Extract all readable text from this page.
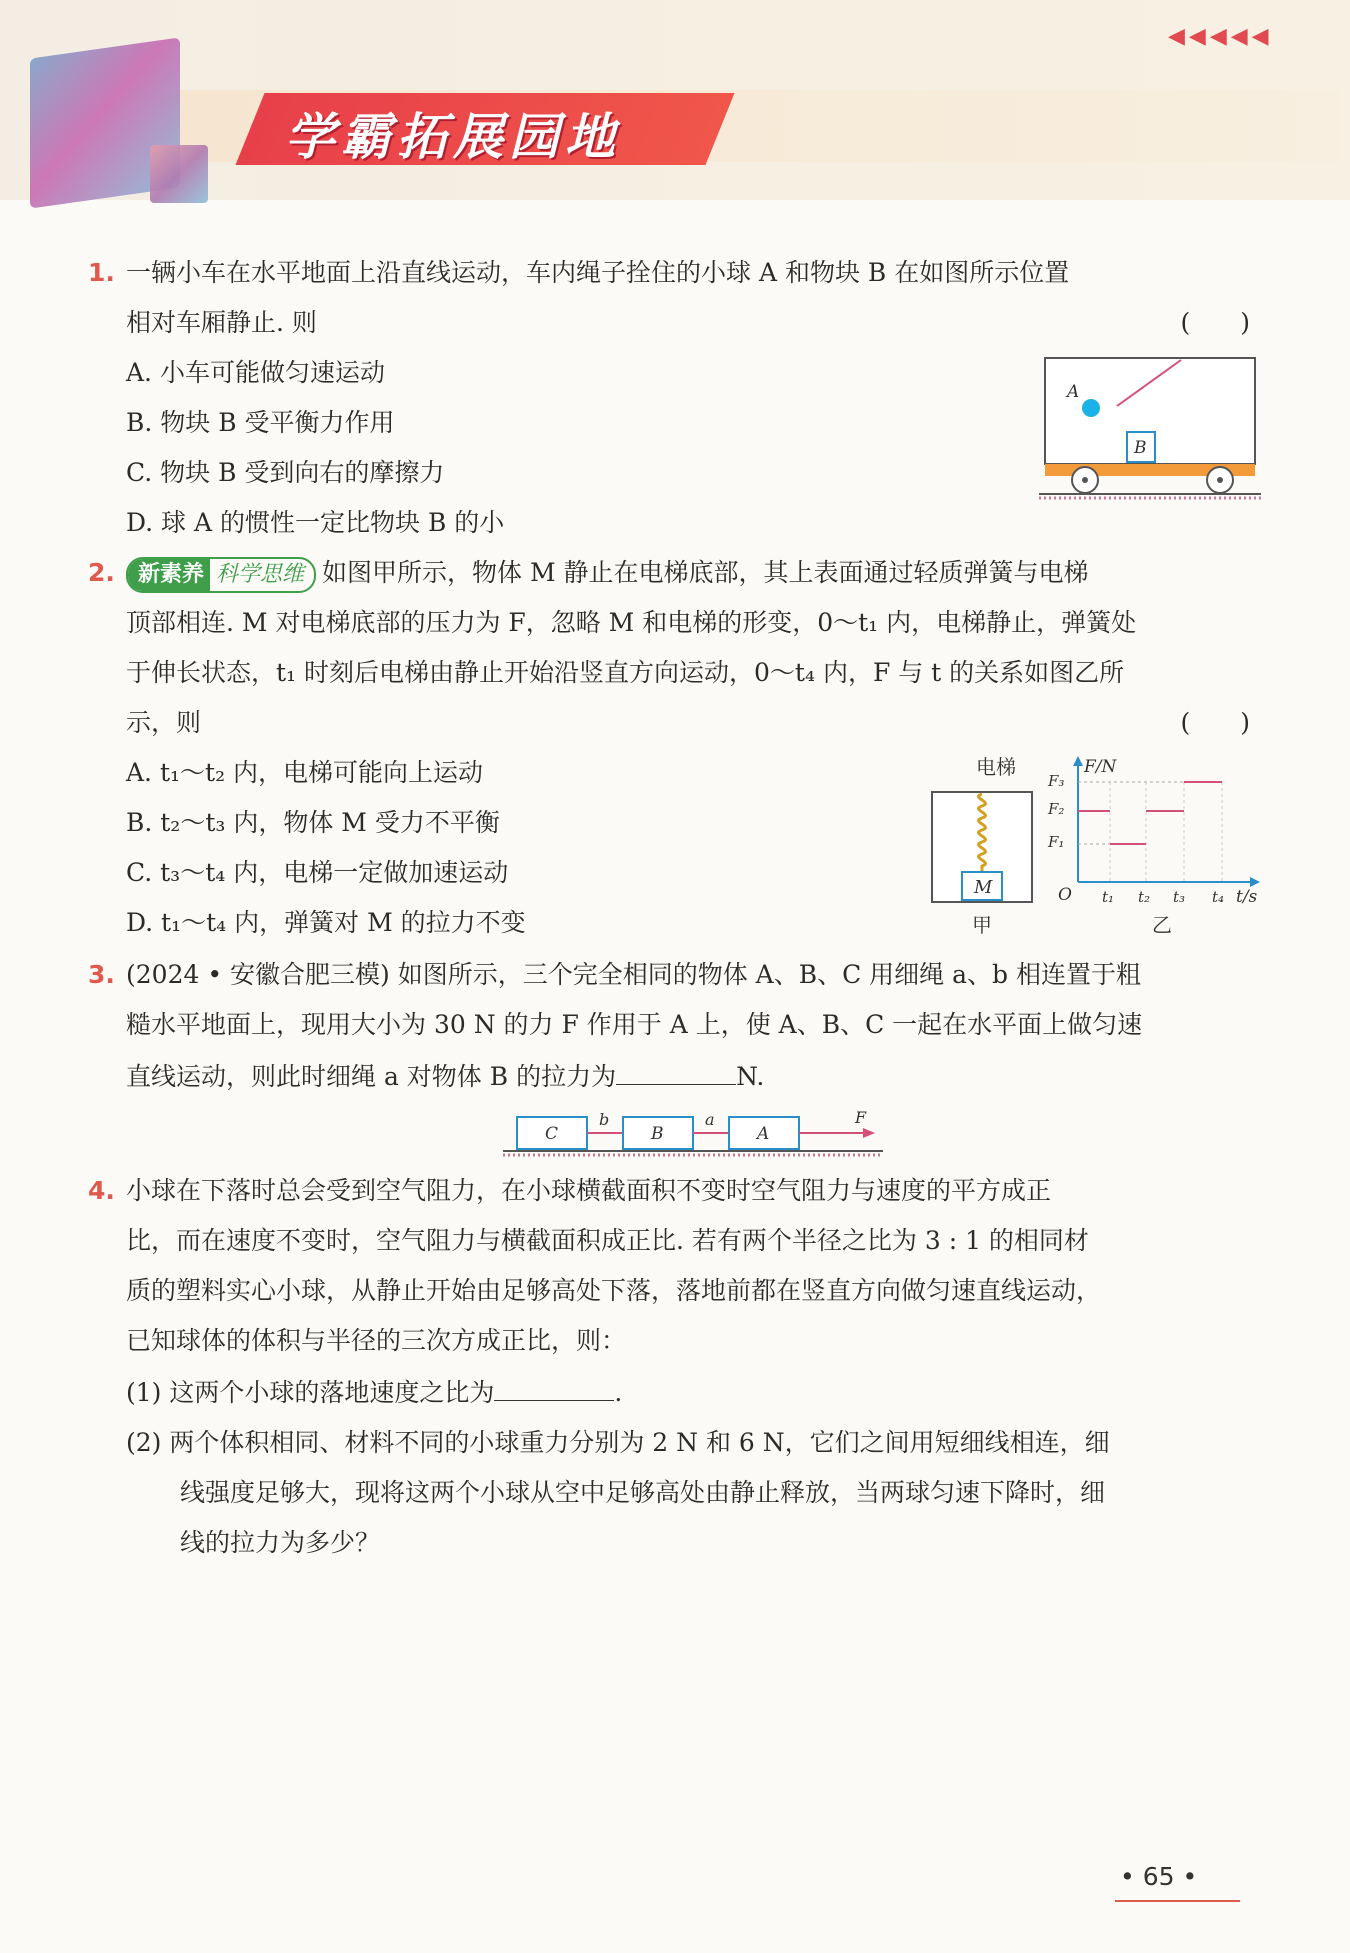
学霸拓展园地
◀◀◀◀◀
1. 一辆小车在水平地面上沿直线运动，车内绳子拴住的小球 A 和物块 B 在如图所示位置
相对车厢静止. 则	(　　)
A. 小车可能做匀速运动
B. 物块 B 受平衡力作用
C. 物块 B 受到向右的摩擦力
D. 球 A 的惯性一定比物块 B 的小
A
B
2.	新素养 科学思维 如图甲所示，物体 M 静止在电梯底部，其上表面通过轻质弹簧与电梯
顶部相连. M 对电梯底部的压力为 F，忽略 M 和电梯的形变，0～t₁ 内，电梯静止，弹簧处
于伸长状态，t₁ 时刻后电梯由静止开始沿竖直方向运动，0～t₄ 内，F 与 t 的关系如图乙所
示，则	(　　)
A. t₁～t₂ 内，电梯可能向上运动
B. t₂～t₃ 内，物体 M 受力不平衡
C. t₃～t₄ 内，电梯一定做加速运动
D. t₁～t₄ 内，弹簧对 M 的拉力不变
电梯
M
甲
F/N
t/s
O
F₃
F₂
F₁
t₁ t₂ t₃ t₄
乙
3. (2024 • 安徽合肥三模) 如图所示，三个完全相同的物体 A、B、C 用细绳 a、b 相连置于粗
糙水平地面上，现用大小为 30 N 的力 F 作用于 A 上，使 A、B、C 一起在水平面上做匀速
直线运动，则此时细绳 a 对物体 B 的拉力为	N.
C
b
B
a
A
F
4. 小球在下落时总会受到空气阻力，在小球横截面积不变时空气阻力与速度的平方成正
比，而在速度不变时，空气阻力与横截面积成正比. 若有两个半径之比为 3 : 1 的相同材
质的塑料实心小球，从静止开始由足够高处下落，落地前都在竖直方向做匀速直线运动，
已知球体的体积与半径的三次方成正比，则：
(1) 这两个小球的落地速度之比为	.
(2) 两个体积相同、材料不同的小球重力分别为 2 N 和 6 N，它们之间用短细线相连，细
线强度足够大，现将这两个小球从空中足够高处由静止释放，当两球匀速下降时，细
线的拉力为多少？
• 65 •
